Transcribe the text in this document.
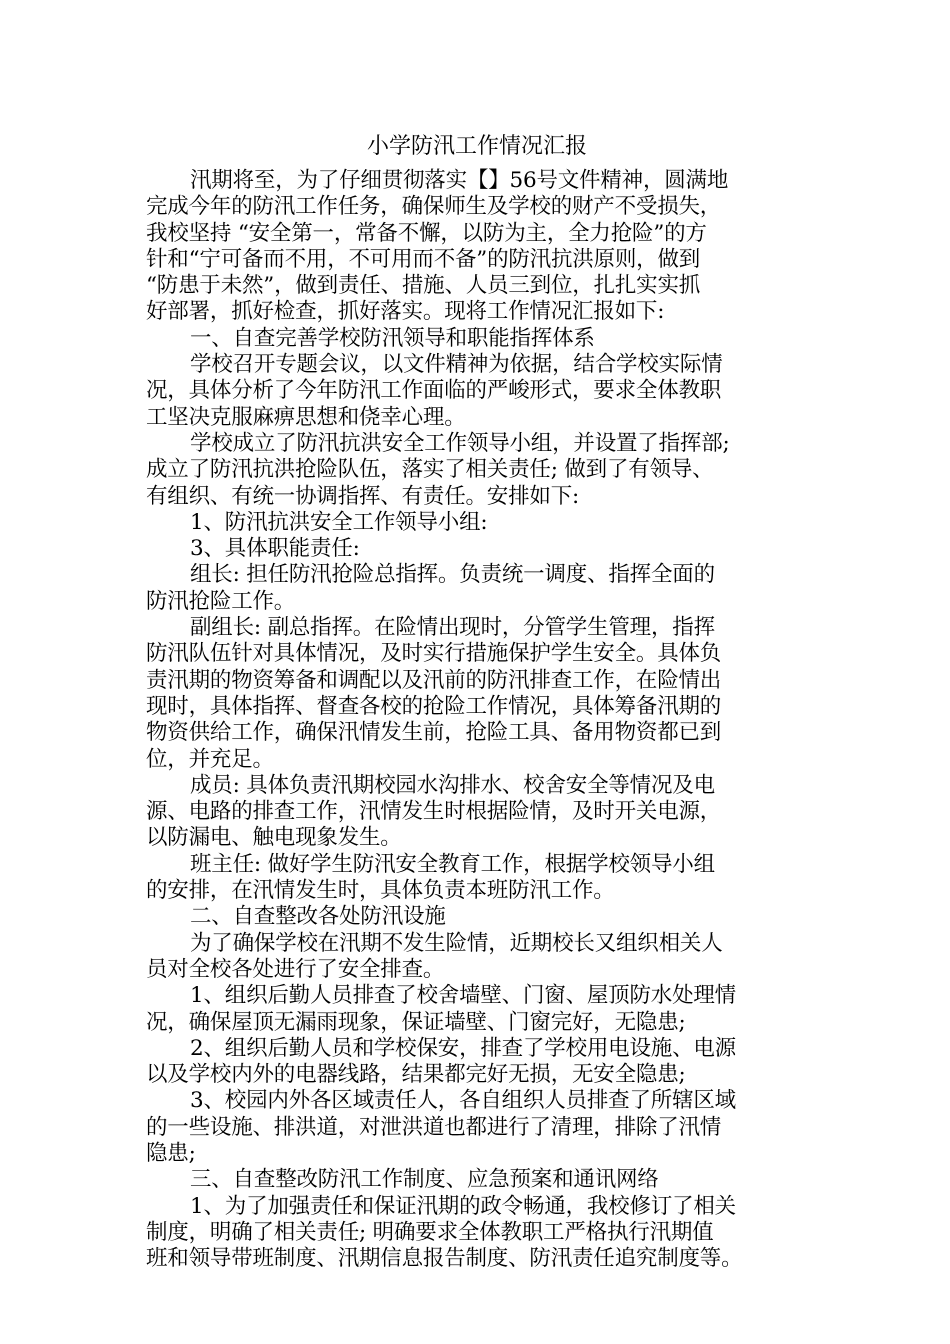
小学防汛工作情况汇报
汛期将至，为了仔细贯彻落实【】56号文件精神，圆满地
完成今年的防汛工作任务，确保师生及学校的财产不受损失，
我校坚持 “安全第一，常备不懈，以防为主，全力抢险”的方
针和“宁可备而不用，不可用而不备”的防汛抗洪原则，做到
“防患于未然”，做到责任、措施、人员三到位，扎扎实实抓
好部署，抓好检查，抓好落实。现将工作情况汇报如下:
一、自查完善学校防汛领导和职能指挥体系
学校召开专题会议，以文件精神为依据，结合学校实际情
况，具体分析了今年防汛工作面临的严峻形式，要求全体教职
工坚决克服麻痹思想和侥幸心理。
学校成立了防汛抗洪安全工作领导小组，并设置了指挥部;
成立了防汛抗洪抢险队伍，落实了相关责任; 做到了有领导、
有组织、有统一协调指挥、有责任。安排如下:
1、防汛抗洪安全工作领导小组:
3、具体职能责任:
组长: 担任防汛抢险总指挥。负责统一调度、指挥全面的
防汛抢险工作。
副组长: 副总指挥。在险情出现时，分管学生管理，指挥
防汛队伍针对具体情况，及时实行措施保护学生安全。具体负
责汛期的物资筹备和调配以及汛前的防汛排查工作，在险情出
现时，具体指挥、督查各校的抢险工作情况，具体筹备汛期的
物资供给工作，确保汛情发生前，抢险工具、备用物资都已到
位，并充足。
成员: 具体负责汛期校园水沟排水、校舍安全等情况及电
源、电路的排查工作，汛情发生时根据险情，及时开关电源，
以防漏电、触电现象发生。
班主任: 做好学生防汛安全教育工作，根据学校领导小组
的安排，在汛情发生时，具体负责本班防汛工作。
二、自查整改各处防汛设施
为了确保学校在汛期不发生险情，近期校长又组织相关人
员对全校各处进行了安全排查。
1、组织后勤人员排查了校舍墙壁、门窗、屋顶防水处理情
况，确保屋顶无漏雨现象，保证墙壁、门窗完好，无隐患;
2、组织后勤人员和学校保安，排查了学校用电设施、电源
以及学校内外的电器线路，结果都完好无损，无安全隐患;
3、校园内外各区域责任人，各自组织人员排查了所辖区域
的一些设施、排洪道，对泄洪道也都进行了清理，排除了汛情
隐患;
三、自查整改防汛工作制度、应急预案和通讯网络
1、为了加强责任和保证汛期的政令畅通，我校修订了相关
制度，明确了相关责任; 明确要求全体教职工严格执行汛期值
班和领导带班制度、汛期信息报告制度、防汛责任追究制度等。
